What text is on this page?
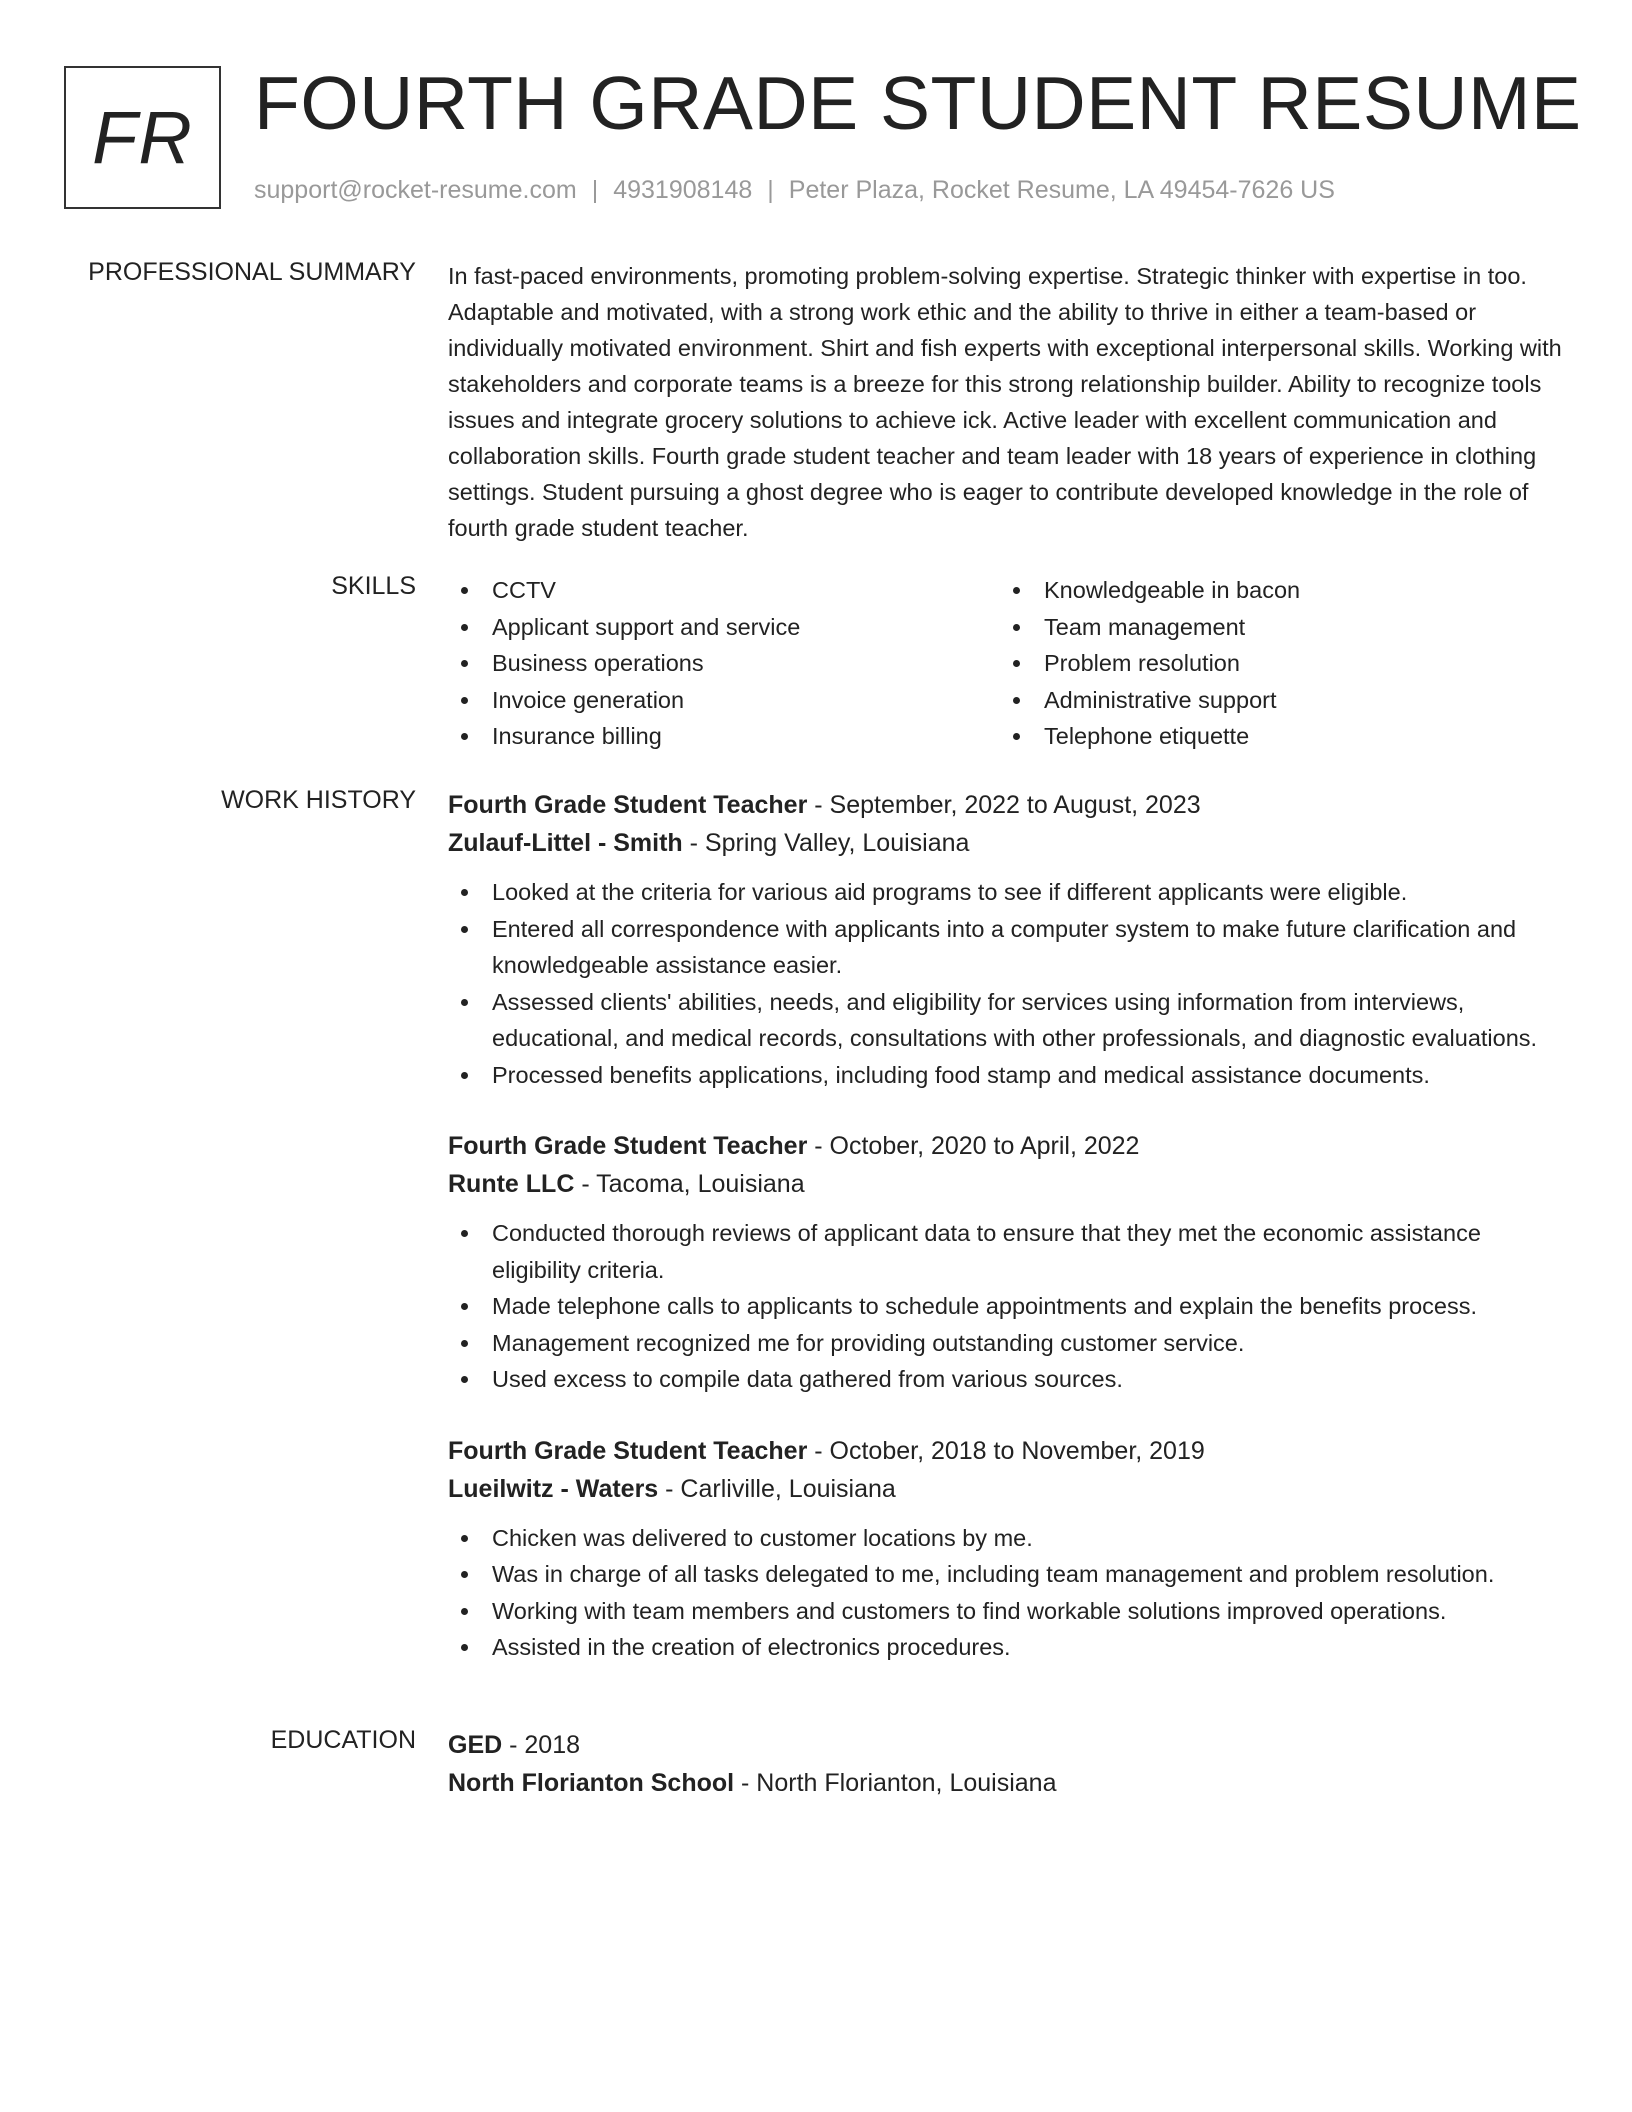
FR FOURTH GRADE STUDENT RESUME
support@rocket-resume.com | 4931908148 | Peter Plaza, Rocket Resume, LA 49454-7626 US
PROFESSIONAL SUMMARY In fast-paced environments, promoting problem-solving expertise. Strategic thinker with expertise in too. Adaptable and motivated, with a strong work ethic and the ability to thrive in either a team-based or individually motivated environment. Shirt and fish experts with exceptional interpersonal skills. Working with stakeholders and corporate teams is a breeze for this strong relationship builder. Ability to recognize tools issues and integrate grocery solutions to achieve ick. Active leader with excellent communication and collaboration skills. Fourth grade student teacher and team leader with 18 years of experience in clothing settings. Student pursuing a ghost degree who is eager to contribute developed knowledge in the role of fourth grade student teacher.
SKILLS	CCTV
Applicant support and service
Business operations
Invoice generation
Insurance billing
Knowledgeable in bacon
Team management
Problem resolution
Administrative support
Telephone etiquette
WORK HISTORY Fourth Grade Student Teacher - September, 2022 to August, 2023
Zulauf-Littel - Smith - Spring Valley, Louisiana
Looked at the criteria for various aid programs to see if different applicants were eligible.
Entered all correspondence with applicants into a computer system to make future clarification and knowledgeable assistance easier.
Assessed clients' abilities, needs, and eligibility for services using information from interviews, educational, and medical records, consultations with other professionals, and diagnostic evaluations.
Processed benefits applications, including food stamp and medical assistance documents.
Fourth Grade Student Teacher - October, 2020 to April, 2022
Runte LLC - Tacoma, Louisiana
Conducted thorough reviews of applicant data to ensure that they met the economic assistance eligibility criteria.
Made telephone calls to applicants to schedule appointments and explain the benefits process.
Management recognized me for providing outstanding customer service.
Used excess to compile data gathered from various sources.
Fourth Grade Student Teacher - October, 2018 to November, 2019
Lueilwitz - Waters - Carliville, Louisiana
Chicken was delivered to customer locations by me.
Was in charge of all tasks delegated to me, including team management and problem resolution.
Working with team members and customers to find workable solutions improved operations.
Assisted in the creation of electronics procedures.
EDUCATION GED - 2018
North Florianton School - North Florianton, Louisiana
